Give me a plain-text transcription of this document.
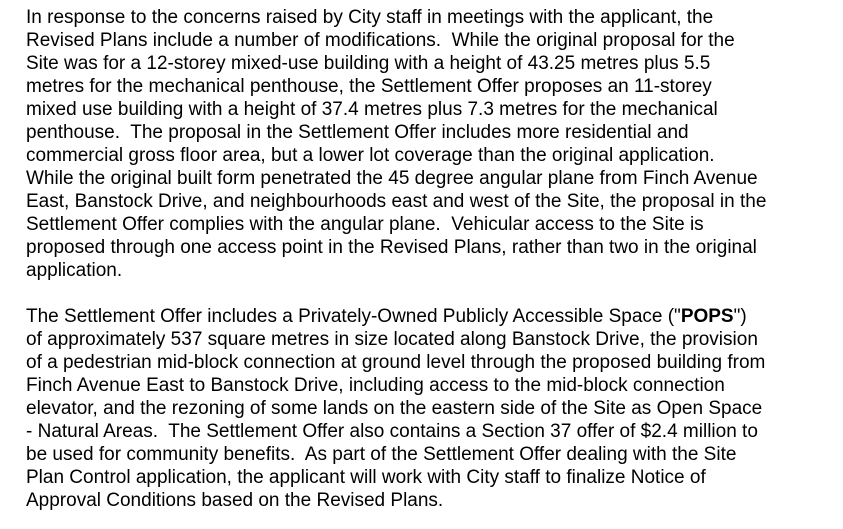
In response to the concerns raised by City staff in meetings with the applicant, the
Revised Plans include a number of modifications.  While the original proposal for the
Site was for a 12-storey mixed-use building with a height of 43.25 metres plus 5.5
metres for the mechanical penthouse, the Settlement Offer proposes an 11-storey
mixed use building with a height of 37.4 metres plus 7.3 metres for the mechanical
penthouse.  The proposal in the Settlement Offer includes more residential and
commercial gross floor area, but a lower lot coverage than the original application.
While the original built form penetrated the 45 degree angular plane from Finch Avenue
East, Banstock Drive, and neighbourhoods east and west of the Site, the proposal in the
Settlement Offer complies with the angular plane.  Vehicular access to the Site is
proposed through one access point in the Revised Plans, rather than two in the original
application.
The Settlement Offer includes a Privately-Owned Publicly Accessible Space ("POPS")
of approximately 537 square metres in size located along Banstock Drive, the provision
of a pedestrian mid-block connection at ground level through the proposed building from
Finch Avenue East to Banstock Drive, including access to the mid-block connection
elevator, and the rezoning of some lands on the eastern side of the Site as Open Space
- Natural Areas.  The Settlement Offer also contains a Section 37 offer of $2.4 million to
be used for community benefits.  As part of the Settlement Offer dealing with the Site
Plan Control application, the applicant will work with City staff to finalize Notice of
Approval Conditions based on the Revised Plans.
